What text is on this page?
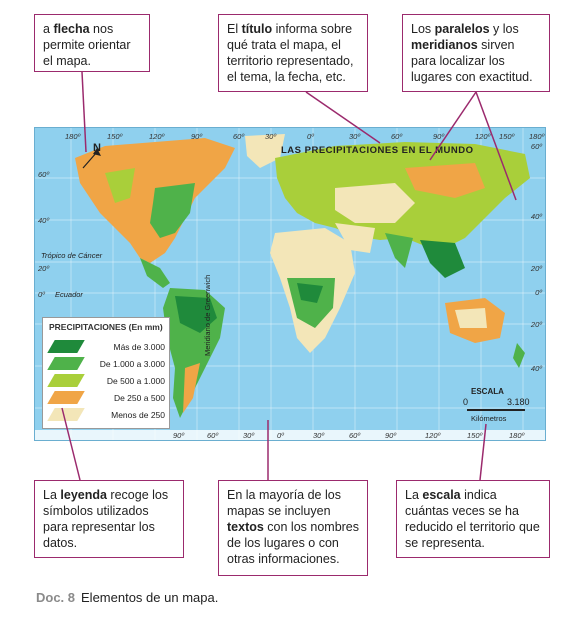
a flecha nos permite orientar el mapa.
El título informa sobre qué trata el mapa, el territorio representado, el tema, la fecha, etc.
Los paralelos y los meridianos sirven para localizar los lugares con exactitud.
LAS PRECIPITACIONES EN EL MUNDO
N
180º	150º	120º	90º	60º	30º	0º	30º	60º	90º	120º 150º 180º
90º	60º	30º	0º	30º	60º	90º	120º	150º	180º
60º
40º
20º
0º
60º
40º
20º
0º
20º
40º
Trópico de Cáncer
Ecuador	Meridiano de Greenwich
ESCALA
0	3.180
Kilómetros
PRECIPITACIONES (En mm)
Más de 3.000
De 1.000 a 3.000
De 500 a 1.000
De 250 a 500
Menos de 250
La leyenda recoge los símbolos utilizados para representar los datos.
En la mayoría de los mapas se incluyen textos con los nombres de los lugares o con otras informaciones.
La escala indica cuántas veces se ha reducido el territorio que se representa.
Doc. 8 Elementos de un mapa.
